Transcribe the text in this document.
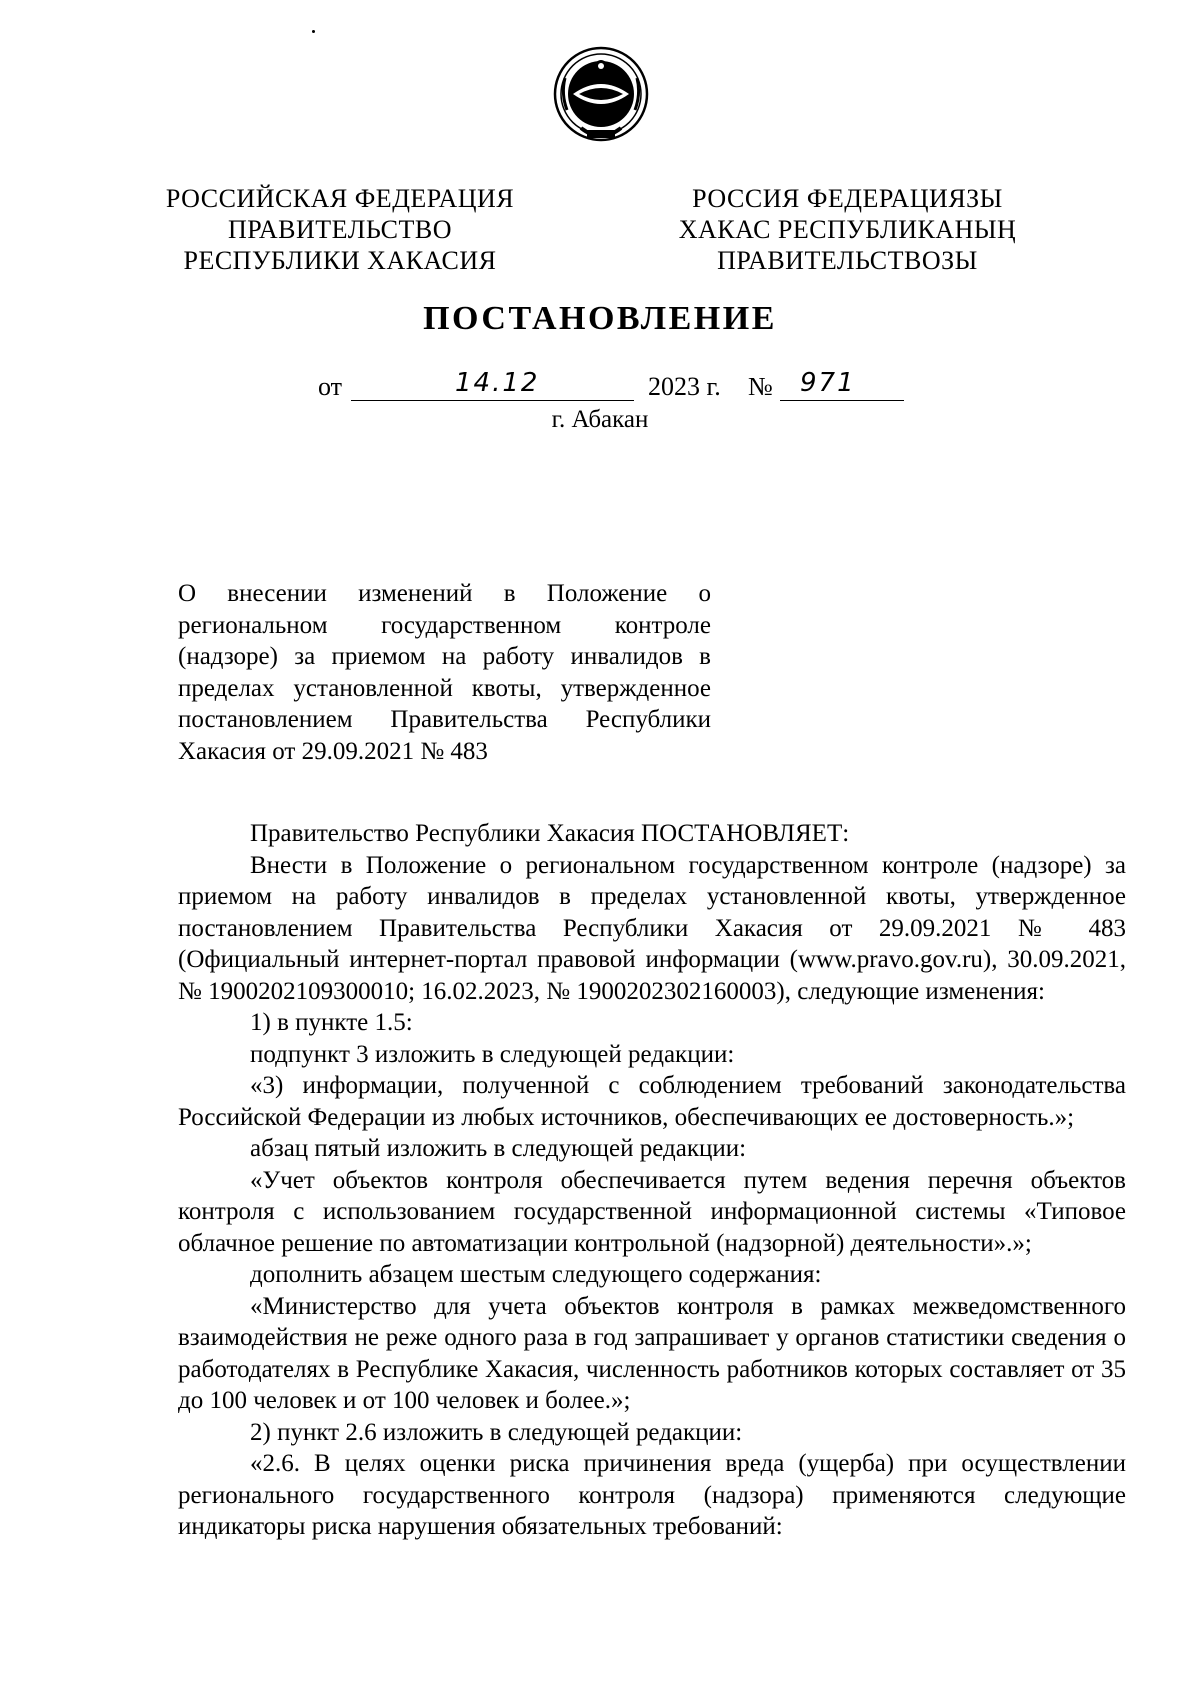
РОССИЙСКАЯ ФЕДЕРАЦИЯ
ПРАВИТЕЛЬСТВО
РЕСПУБЛИКИ ХАКАСИЯ
РОССИЯ ФЕДЕРАЦИЯЗЫ
ХАКАС РЕСПУБЛИКАНЫҢ
ПРАВИТЕЛЬСТВОЗЫ
ПОСТАНОВЛЕНИЕ
от	14.12	2023 г. № 971
г. Абакан
О внесении изменений в Положение о региональном государственном контроле (надзоре) за приемом на работу инвалидов в пределах установленной квоты, утвержденное постановлением Правительства Республики Хакасия от 29.09.2021 № 483

Правительство Республики Хакасия ПОСТАНОВЛЯЕТ:

Внести в Положение о региональном государственном контроле (надзоре) за приемом на работу инвалидов в пределах установленной квоты, утвержденное постановлением Правительства Республики Хакасия от 29.09.2021 № 483 (Официальный интернет-портал правовой информации (www.pravo.gov.ru), 30.09.2021, № 1900202109300010; 16.02.2023, № 1900202302160003), следующие изменения:

1) в пункте 1.5:

подпункт 3 изложить в следующей редакции:

«3) информации, полученной с соблюдением требований законодательства Российской Федерации из любых источников, обеспечивающих ее достоверность.»;

абзац пятый изложить в следующей редакции:

«Учет объектов контроля обеспечивается путем ведения перечня объектов контроля с использованием государственной информационной системы «Типовое облачное решение по автоматизации контрольной (надзорной) деятельности».»;

дополнить абзацем шестым следующего содержания:

«Министерство для учета объектов контроля в рамках межведомственного взаимодействия не реже одного раза в год запрашивает у органов статистики сведения о работодателях в Республике Хакасия, численность работников которых составляет от 35 до 100 человек и от 100 человек и более.»;

2) пункт 2.6 изложить в следующей редакции:

«2.6. В целях оценки риска причинения вреда (ущерба) при осуществлении регионального государственного контроля (надзора) применяются следующие индикаторы риска нарушения обязательных требований:
